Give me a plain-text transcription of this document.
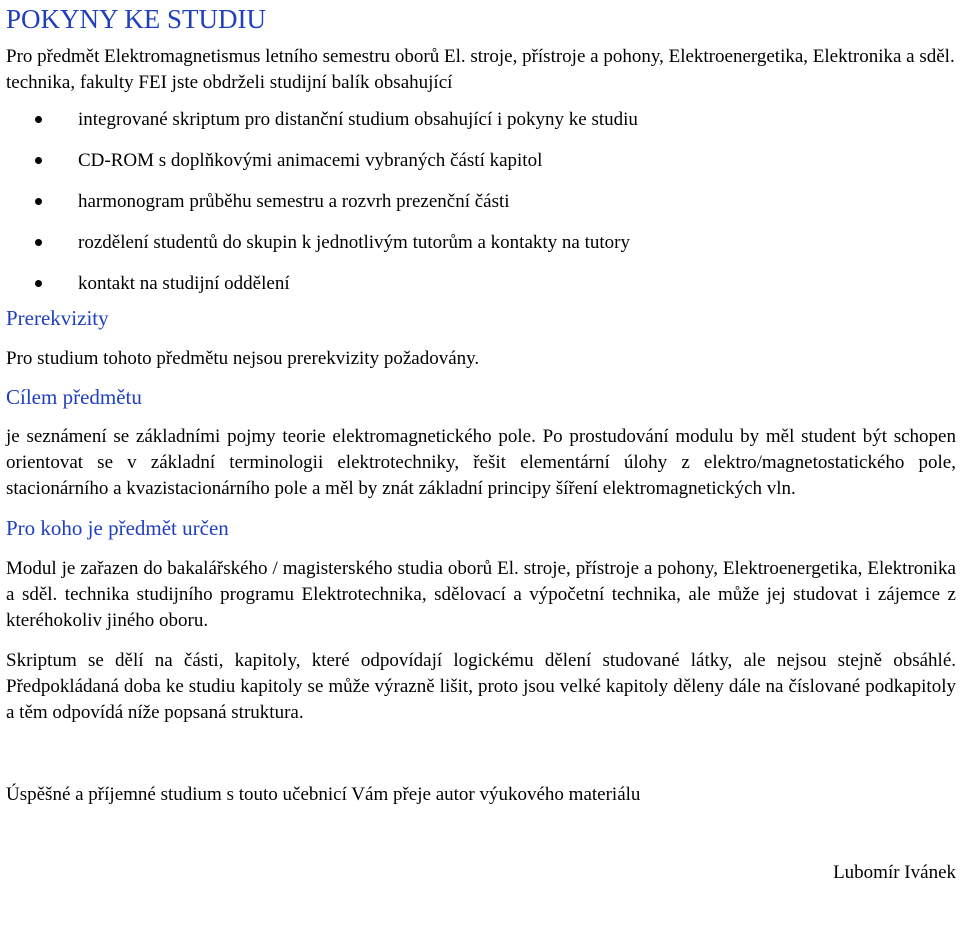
POKYNY KE STUDIU

Pro předmět Elektromagnetismus letního semestru oborů El. stroje, přístroje a pohony, Elektroenergetika, Elektronika a sděl. technika, fakulty FEI jste obdrželi studijní balík obsahující

integrované skriptum pro distanční studium obsahující i pokyny ke studiu
CD-ROM s doplňkovými animacemi vybraných částí kapitol
harmonogram průběhu semestru a rozvrh prezenční části
rozdělení studentů do skupin k jednotlivým tutorům a kontakty na tutory
kontakt na studijní oddělení
Prerekvizity

Pro studium tohoto předmětu nejsou prerekvizity požadovány.

Cílem předmětu

je seznámení se základními pojmy teorie elektromagnetického pole. Po prostudování modulu by měl student být schopen orientovat se v základní terminologii elektrotechniky, řešit elementární úlohy z elektro/magnetostatického pole, stacionárního a kvazistacionárního pole a měl by znát základní principy šíření elektromagnetických vln.

Pro koho je předmět určen

Modul je zařazen do bakalářského / magisterského studia oborů El. stroje, přístroje a pohony, Elektroenergetika, Elektronika a sděl. technika studijního programu Elektrotechnika, sdělovací a výpočetní technika, ale může jej studovat i zájemce z kteréhokoliv jiného oboru.

Skriptum se dělí na části, kapitoly, které odpovídají logickému dělení studované látky, ale nejsou stejně obsáhlé. Předpokládaná doba ke studiu kapitoly se může výrazně lišit, proto jsou velké kapitoly děleny dále na číslované podkapitoly a těm odpovídá níže popsaná struktura.

Úspěšné a příjemné studium s touto učebnicí Vám přeje autor výukového materiálu

Lubomír Ivánek
